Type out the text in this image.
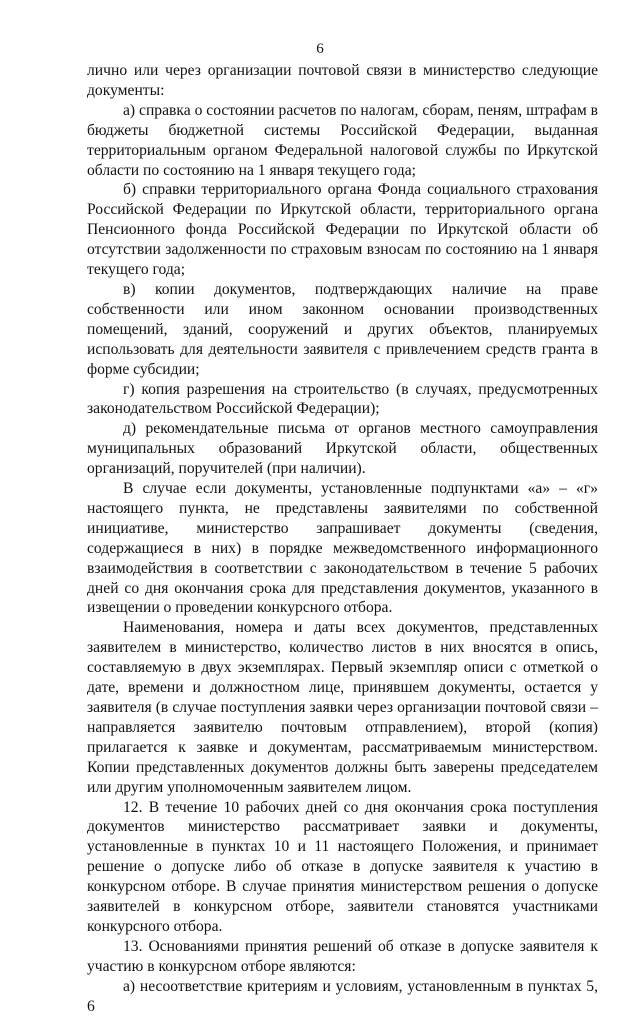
6

лично или через организации почтовой связи в министерство следующие документы:

а) справка о состоянии расчетов по налогам, сборам, пеням, штрафам в бюджеты бюджетной системы Российской Федерации, выданная территориальным органом Федеральной налоговой службы по Иркутской области по состоянию на 1 января текущего года;

б) справки территориального органа Фонда социального страхования Российской Федерации по Иркутской области, территориального органа Пенсионного фонда Российской Федерации по Иркутской области об отсутствии задолженности по страховым взносам по состоянию на 1 января текущего года;

в) копии документов, подтверждающих наличие на праве собственности или ином законном основании производственных помещений, зданий, сооружений и других объектов, планируемых использовать для деятельности заявителя с привлечением средств гранта в форме субсидии;

г) копия разрешения на строительство (в случаях, предусмотренных законодательством Российской Федерации);

д) рекомендательные письма от органов местного самоуправления муниципальных образований Иркутской области, общественных организаций, поручителей (при наличии).

В случае если документы, установленные подпунктами «а» – «г» настоящего пункта, не представлены заявителями по собственной инициативе, министерство запрашивает документы (сведения, содержащиеся в них) в порядке межведомственного информационного взаимодействия в соответствии с законодательством в течение 5 рабочих дней со дня окончания срока для представления документов, указанного в извещении о проведении конкурсного отбора.

Наименования, номера и даты всех документов, представленных заявителем в министерство, количество листов в них вносятся в опись, составляемую в двух экземплярах. Первый экземпляр описи с отметкой о дате, времени и должностном лице, принявшем документы, остается у заявителя (в случае поступления заявки через организации почтовой связи – направляется заявителю почтовым отправлением), второй (копия) прилагается к заявке и документам, рассматриваемым министерством. Копии представленных документов должны быть заверены председателем или другим уполномоченным заявителем лицом.

12. В течение 10 рабочих дней со дня окончания срока поступления документов министерство рассматривает заявки и документы, установленные в пунктах 10 и 11 настоящего Положения, и принимает решение о допуске либо об отказе в допуске заявителя к участию в конкурсном отборе. В случае принятия министерством решения о допуске заявителей в конкурсном отборе, заявители становятся участниками конкурсного отбора.

13. Основаниями принятия решений об отказе в допуске заявителя к участию в конкурсном отборе являются:

а) несоответствие критериям и условиям, установленным в пунктах 5, 6
